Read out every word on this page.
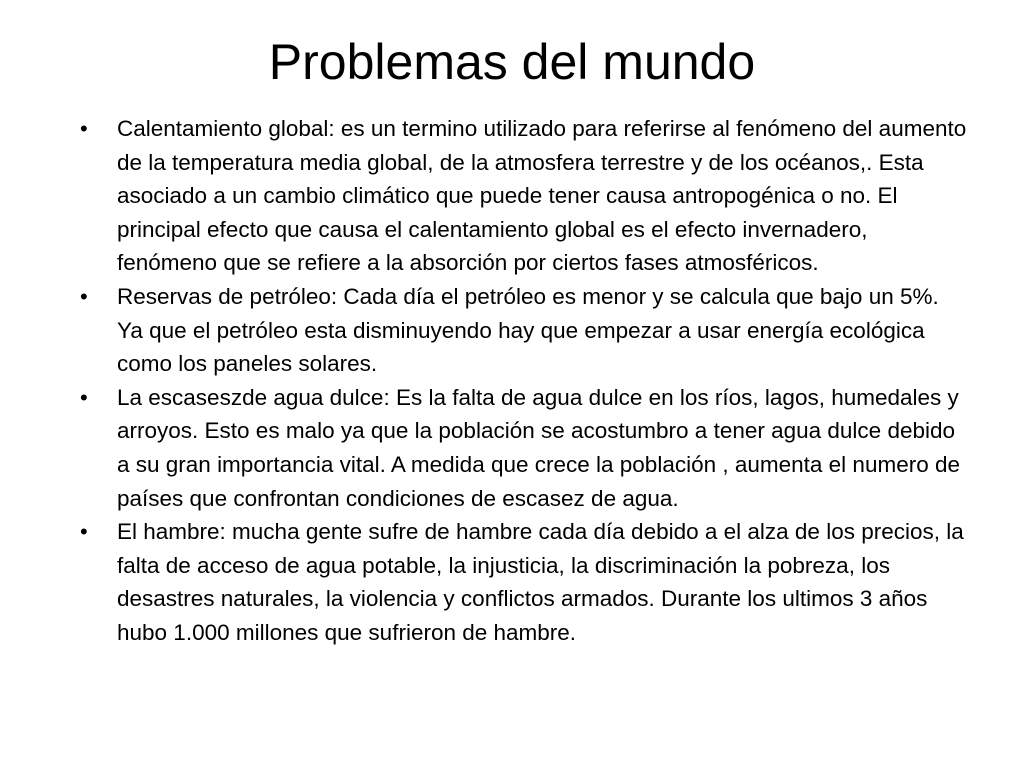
Problemas del mundo
• Calentamiento global: es un termino utilizado para referirse al fenómeno del aumento de la temperatura media global, de la atmosfera terrestre y de los océanos,. Esta asociado a un cambio climático que puede tener causa antropogénica o no. El principal efecto que causa el calentamiento global es el efecto invernadero, fenómeno que se refiere a la absorción por ciertos fases atmosféricos.
• Reservas de petróleo: Cada día el petróleo es menor y se calcula que bajo un 5%. Ya que el petróleo esta disminuyendo hay que empezar a usar energía ecológica como los paneles solares.
• La escaseszde agua dulce: Es la falta de agua dulce en los ríos, lagos, humedales y arroyos. Esto es malo ya que la población se acostumbro a tener agua dulce debido a su gran importancia vital. A medida que crece la población , aumenta el numero de países que confrontan condiciones de escasez de agua.
• El hambre: mucha gente sufre de hambre cada día debido a el alza de los precios, la falta de acceso de agua potable, la injusticia, la discriminación la pobreza, los desastres naturales, la violencia y conflictos armados. Durante los ultimos 3 años hubo 1.000 millones que sufrieron de hambre.
